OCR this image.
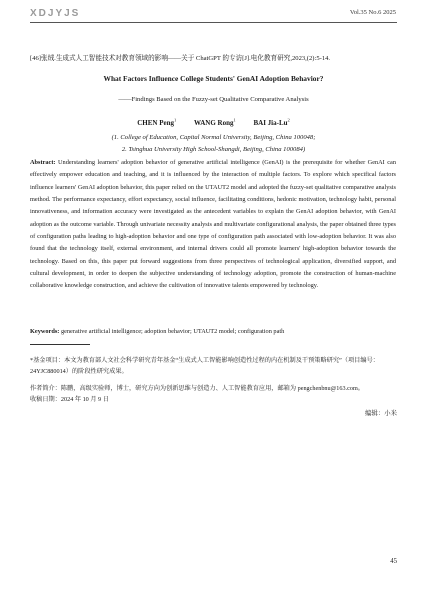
XDJYJS	Vol.35 No.6 2025
[46]张绒.生成式人工智能技术对教育领域的影响——关于 ChatGPT 的专访[J].电化教育研究,2023,(2):5-14.
What Factors Influence College Students' GenAI Adoption Behavior?
——Findings Based on the Fuzzy-set Qualitative Comparative Analysis
CHEN Peng$^1$	WANG Rong$^1$	BAI Jia-Lu$^2$
(1. College of Education, Capital Normal University, Beijing, China 100048;
2. Tsinghua University High School-Shangdi, Beijing, China 100084)
Abstract: Understanding learners' adoption behavior of generative artificial intelligence (GenAI) is the prerequisite for whether GenAI can effectively empower education and teaching, and it is influenced by the interaction of multiple factors. To explore which specifical factors influence learners' GenAI adoption behavior, this paper relied on the UTAUT2 model and adopted the fuzzy-set qualitative comparative analysis method. The performance expectancy, effort expectancy, social influence, facilitating conditions, hedonic motivation, technology habit, personal innovativeness, and information accuracy were investigated as the antecedent variables to explain the GenAI adoption behavior, with GenAI adoption as the outcome variable. Through univariate necessity analysis and multivariate configurational analysis, the paper obtained three types of configuration paths leading to high-adoption behavior and one type of configuration path associated with low-adoption behavior. It was also found that the technology itself, external environment, and internal drivers could all promote learners' high-adoption behavior towards the technology. Based on this, this paper put forward suggestions from three perspectives of technological application, diversified support, and cultural development, in order to deepen the subjective understanding of technology adoption, promote the construction of human-machine collaborative knowledge construction, and achieve the cultivation of innovative talents empowered by technology.
Keywords: generative artificial intelligence; adoption behavior; UTAUT2 model; configuration path
*基金项目：本文为教育部人文社会科学研究青年基金“生成式人工智能影响创造性过程的内在机制及干预策略研究”（项目编号：24YJC880014）的阶段性研究成果。
作者简介：陈鹏，高级实验师，博士，研究方向为创新思维与创造力、人工智能教育应用，邮箱为 pengchenbnu@163.com。
收稿日期：2024 年 10 月 9 日
编辑：小米
45
